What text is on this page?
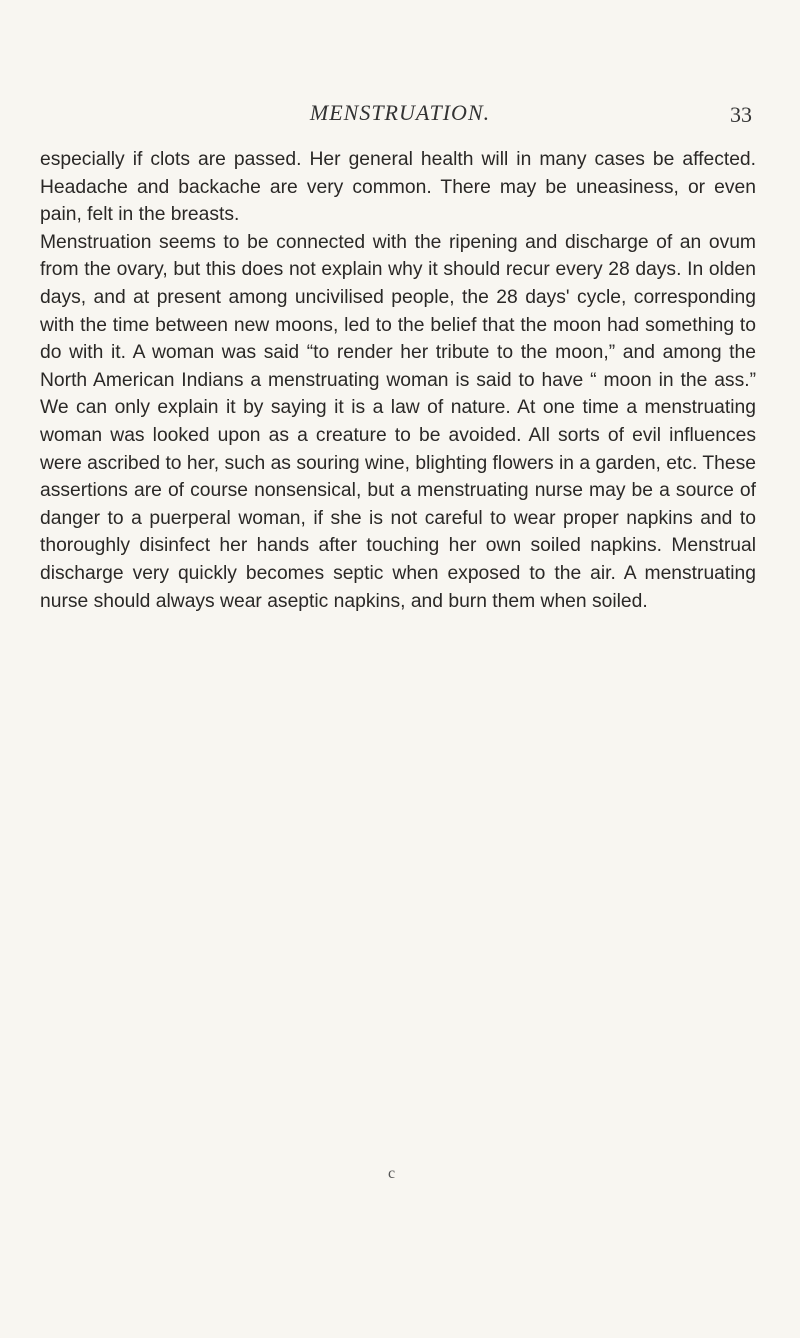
MENSTRUATION.	33

especially if clots are passed. Her general health will in many cases be affected. Headache and backache are very common. There may be uneasiness, or even pain, felt in the breasts.

Menstruation seems to be connected with the ripening and discharge of an ovum from the ovary, but this does not explain why it should recur every 28 days. In olden days, and at present among uncivilised people, the 28 days' cycle, corresponding with the time between new moons, led to the belief that the moon had something to do with it. A woman was said “to render her tribute to the moon,” and among the North American Indians a menstruating woman is said to have “ moon in the ass.” We can only explain it by saying it is a law of nature. At one time a menstruating woman was looked upon as a creature to be avoided. All sorts of evil influences were ascribed to her, such as souring wine, blighting flowers in a garden, etc. These assertions are of course nonsensical, but a menstruating nurse may be a source of danger to a puerperal woman, if she is not careful to wear proper napkins and to thoroughly disinfect her hands after touching her own soiled napkins. Menstrual discharge very quickly becomes septic when exposed to the air. A menstruating nurse should always wear aseptic napkins, and burn them when soiled.

c
